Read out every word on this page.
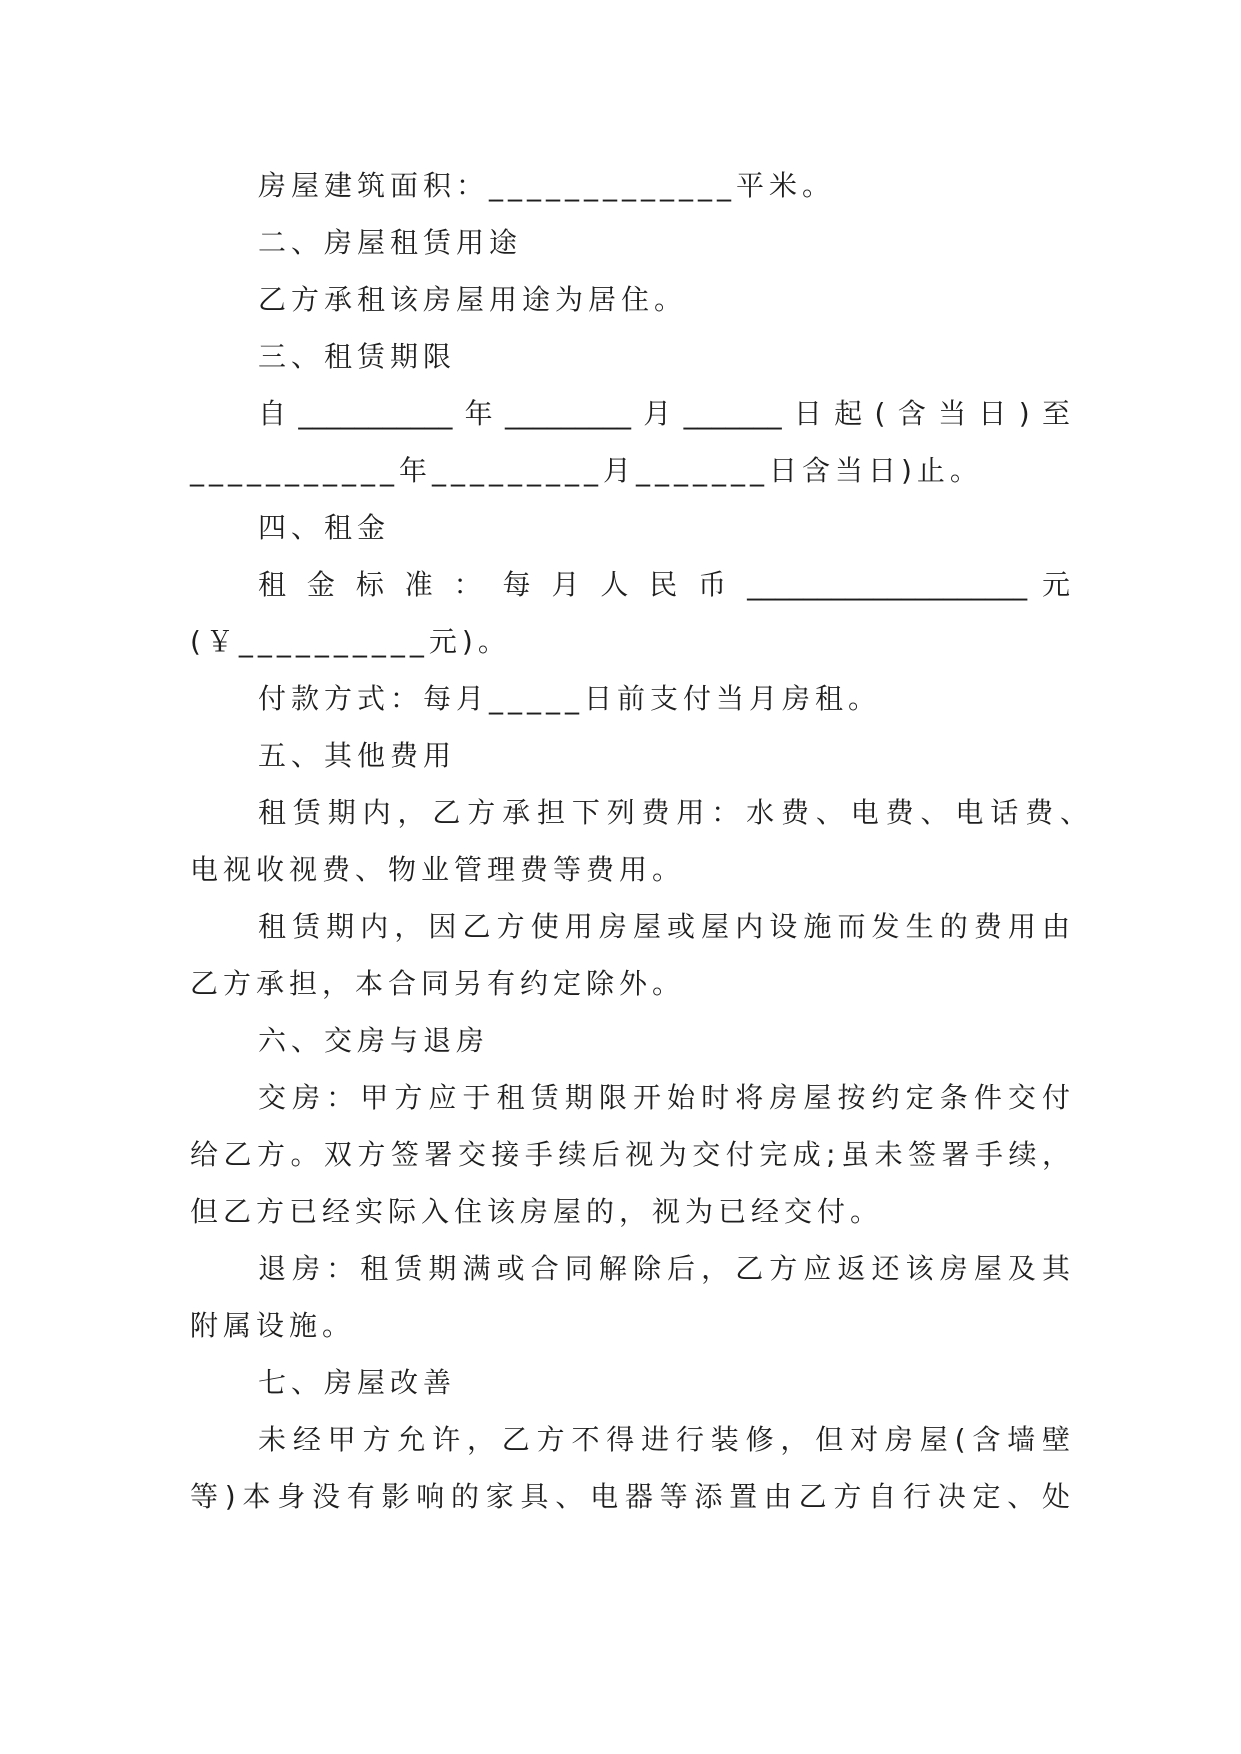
房屋建筑面积：_____________平米。
二、房屋租赁用途
乙方承租该房屋用途为居住。
三、租赁期限
自___________年_________月_______日起(含当日)至
___________年_________月_______日含当日)止。
四、租金
租 金 标 准 ： 每 月 人 民 币 ____________________ 元
(￥__________元)。
付款方式：每月_____日前支付当月房租。
五、其他费用
租赁期内，乙方承担下列费用：水费、电费、电话费、
电视收视费、物业管理费等费用。
租赁期内，因乙方使用房屋或屋内设施而发生的费用由
乙方承担，本合同另有约定除外。
六、交房与退房
交房：甲方应于租赁期限开始时将房屋按约定条件交付
给乙方。双方签署交接手续后视为交付完成;虽未签署手续，
但乙方已经实际入住该房屋的，视为已经交付。
退房：租赁期满或合同解除后，乙方应返还该房屋及其
附属设施。
七、房屋改善
未经甲方允许，乙方不得进行装修，但对房屋(含墙壁
等)本身没有影响的家具、电器等添置由乙方自行决定、处
